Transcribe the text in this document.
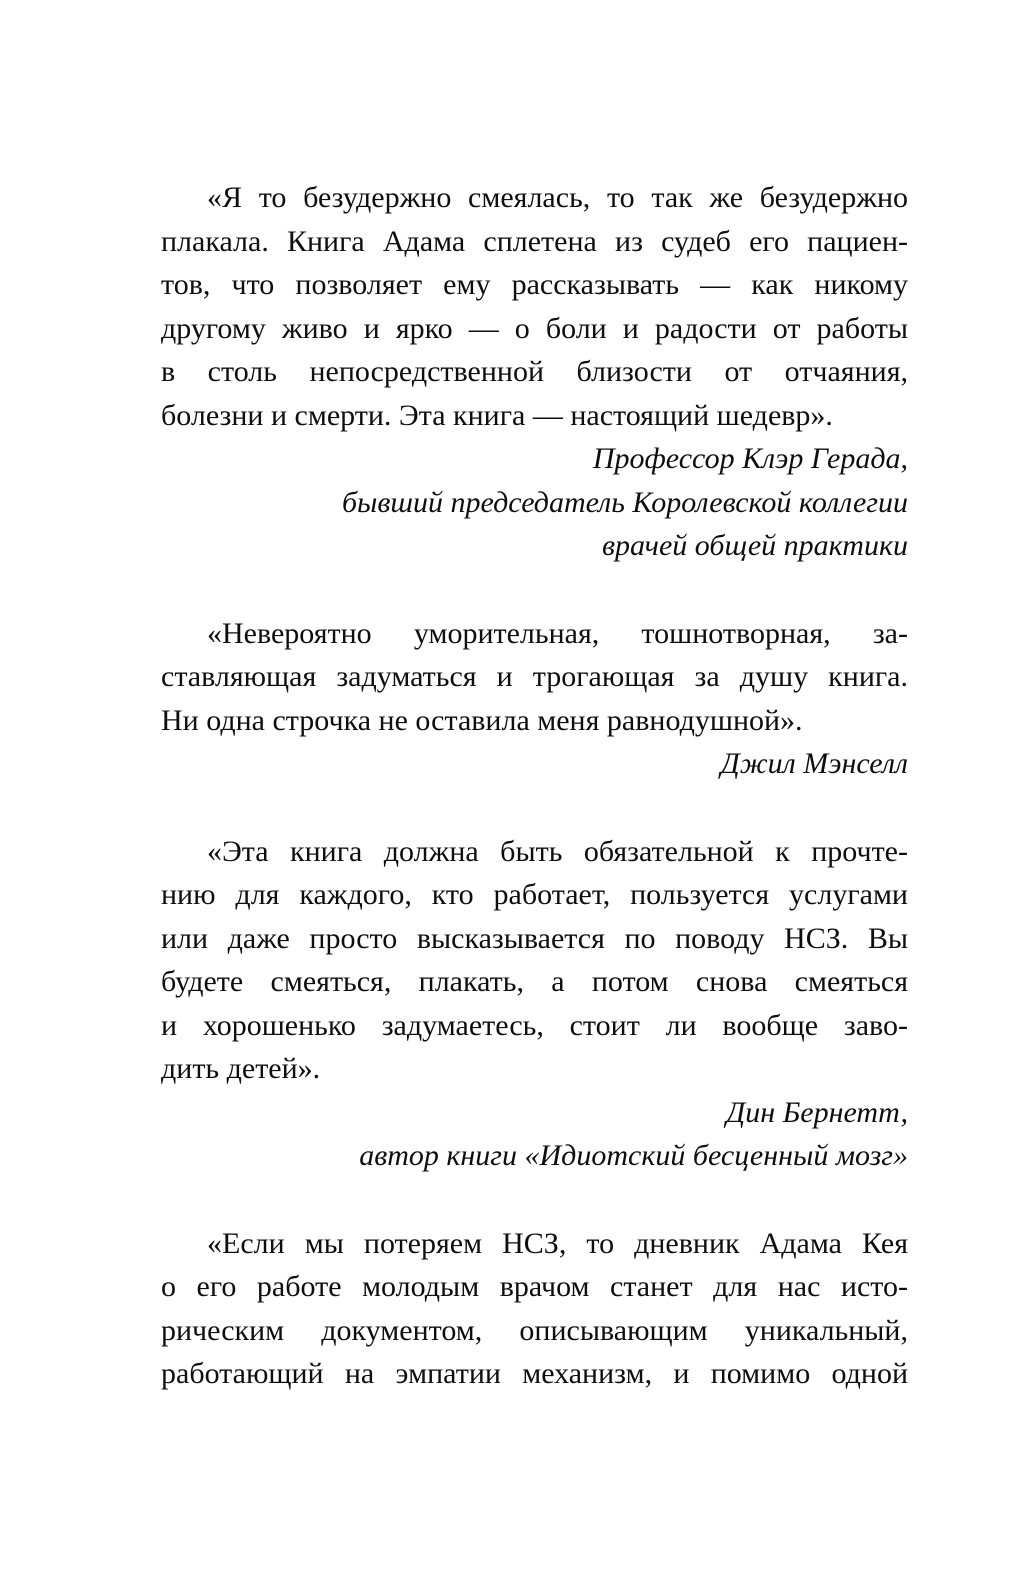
«Я то безудержно смеялась, то так же безудержно
плакала. Книга Адама сплетена из судеб его пациен-
тов, что позволяет ему рассказывать — как никому
другому живо и ярко — о боли и радости от работы
в столь непосредственной близости от отчаяния,
болезни и смерти. Эта книга — настоящий шедевр».
Профессор Клэр Герада,
бывший председатель Королевской коллегии
врачей общей практики
«Невероятно уморительная, тошнотворная, за-
ставляющая задуматься и трогающая за душу книга.
Ни одна строчка не оставила меня равнодушной».
Джил Мэнселл
«Эта книга должна быть обязательной к прочте-
нию для каждого, кто работает, пользуется услугами
или даже просто высказывается по поводу НСЗ. Вы
будете смеяться, плакать, а потом снова смеяться
и хорошенько задумаетесь, стоит ли вообще заво-
дить детей».
Дин Бернетт,
автор книги «Идиотский бесценный мозг»
«Если мы потеряем НСЗ, то дневник Адама Кея
о его работе молодым врачом станет для нас исто-
рическим документом, описывающим уникальный,
работающий на эмпатии механизм, и помимо одной
